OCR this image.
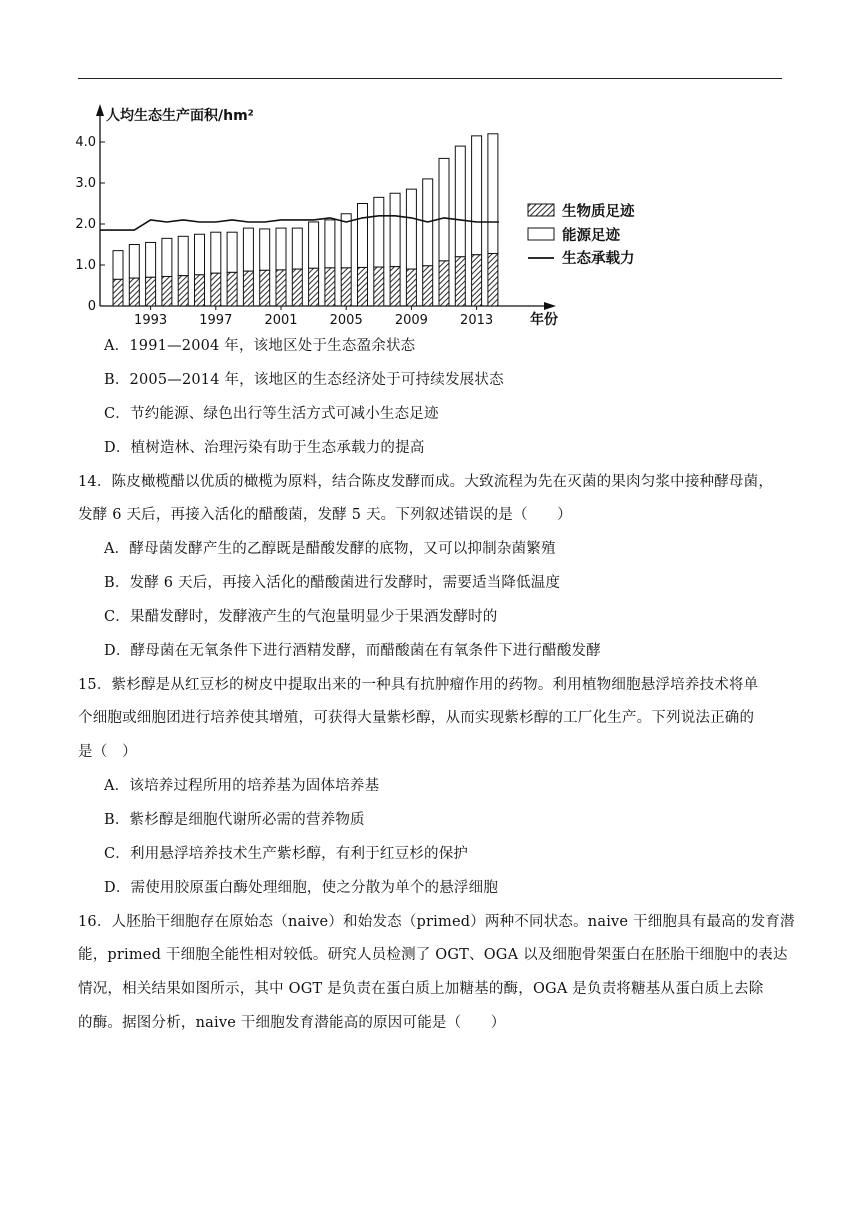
0
1.0
2.0
3.0
4.0
人均生态生产面积/hm²
年份
1993 1997 2001 2005 2009 2013
生物质足迹
能源足迹
生态承载力
A．1991—2004 年，该地区处于生态盈余状态
B．2005—2014 年，该地区的生态经济处于可持续发展状态
C．节约能源、绿色出行等生活方式可减小生态足迹
D．植树造林、治理污染有助于生态承载力的提高
14．陈皮橄榄醋以优质的橄榄为原料，结合陈皮发酵而成。大致流程为先在灭菌的果肉匀浆中接种酵母菌，
发酵 6 天后，再接入活化的醋酸菌，发酵 5 天。下列叙述错误的是（　　）
A．酵母菌发酵产生的乙醇既是醋酸发酵的底物，又可以抑制杂菌繁殖
B．发酵 6 天后，再接入活化的醋酸菌进行发酵时，需要适当降低温度
C．果醋发酵时，发酵液产生的气泡量明显少于果酒发酵时的
D．酵母菌在无氧条件下进行酒精发酵，而醋酸菌在有氧条件下进行醋酸发酵
15．紫杉醇是从红豆杉的树皮中提取出来的一种具有抗肿瘤作用的药物。利用植物细胞悬浮培养技术将单
个细胞或细胞团进行培养使其增殖，可获得大量紫杉醇，从而实现紫杉醇的工厂化生产。下列说法正确的
是（　）
A．该培养过程所用的培养基为固体培养基
B．紫杉醇是细胞代谢所必需的营养物质
C．利用悬浮培养技术生产紫杉醇，有利于红豆杉的保护
D．需使用胶原蛋白酶处理细胞，使之分散为单个的悬浮细胞
16．人胚胎干细胞存在原始态（naive）和始发态（primed）两种不同状态。naive 干细胞具有最高的发育潜
能，primed 干细胞全能性相对较低。研究人员检测了 OGT、OGA 以及细胞骨架蛋白在胚胎干细胞中的表达
情况，相关结果如图所示，其中 OGT 是负责在蛋白质上加糖基的酶，OGA 是负责将糖基从蛋白质上去除
的酶。据图分析，naive 干细胞发育潜能高的原因可能是（　　）
